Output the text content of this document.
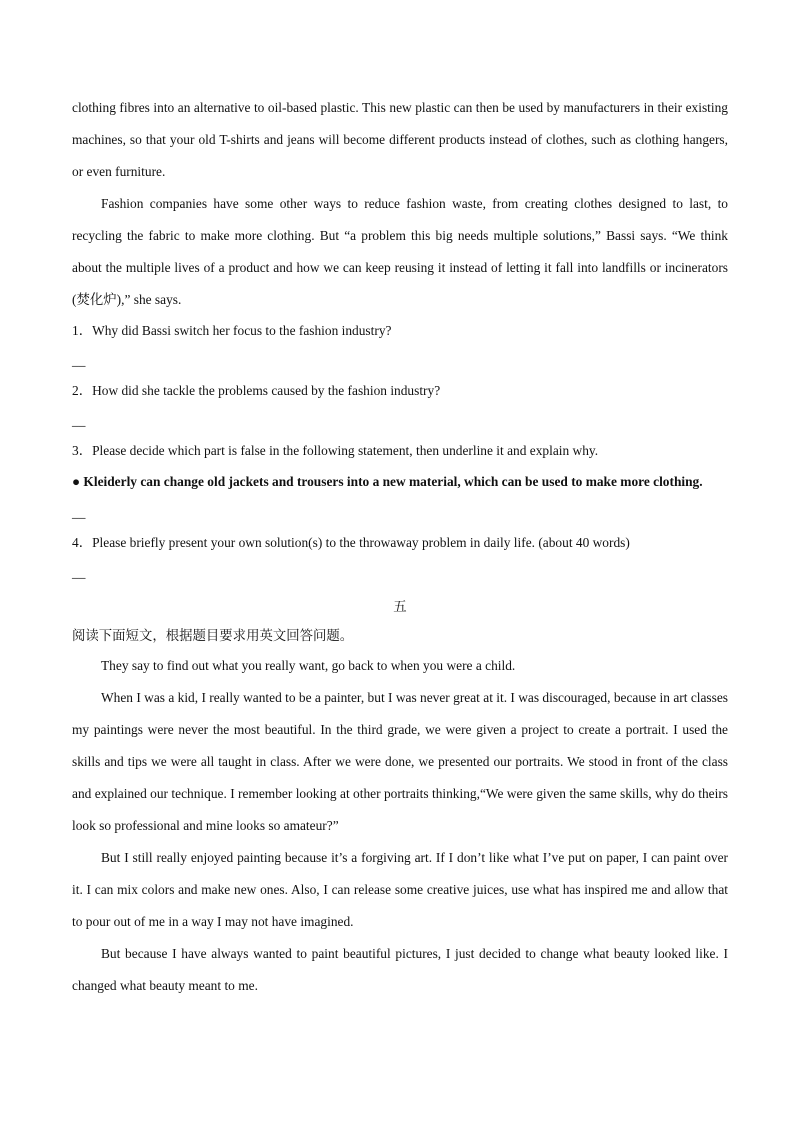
clothing fibres into an alternative to oil-based plastic. This new plastic can then be used by manufacturers in their existing machines, so that your old T-shirts and jeans will become different products instead of clothes, such as clothing hangers, or even furniture.

Fashion companies have some other ways to reduce fashion waste, from creating clothes designed to last, to recycling the fabric to make more clothing. But “a problem this big needs multiple solutions,” Bassi says. “We think about the multiple lives of a product and how we can keep reusing it instead of letting it fall into landfills or incinerators (焚化炉),” she says.

1．Why did Bassi switch her focus to the fashion industry?

__

2．How did she tackle the problems caused by the fashion industry?

__

3．Please decide which part is false in the following statement, then underline it and explain why.

● Kleiderly can change old jackets and trousers into a new material, which can be used to make more clothing.

__

4．Please briefly present your own solution(s) to the throwaway problem in daily life. (about 40 words)

__

五

阅读下面短文，根据题目要求用英文回答问题。

They say to find out what you really want, go back to when you were a child.

When I was a kid, I really wanted to be a painter, but I was never great at it. I was discouraged, because in art classes my paintings were never the most beautiful. In the third grade, we were given a project to create a portrait. I used the skills and tips we were all taught in class. After we were done, we presented our portraits. We stood in front of the class and explained our technique. I remember looking at other portraits thinking,“We were given the same skills, why do theirs look so professional and mine looks so amateur?”

But I still really enjoyed painting because it’s a forgiving art. If I don’t like what I’ve put on paper, I can paint over it. I can mix colors and make new ones. Also, I can release some creative juices, use what has inspired me and allow that to pour out of me in a way I may not have imagined.

But because I have always wanted to paint beautiful pictures, I just decided to change what beauty looked like. I changed what beauty meant to me.
